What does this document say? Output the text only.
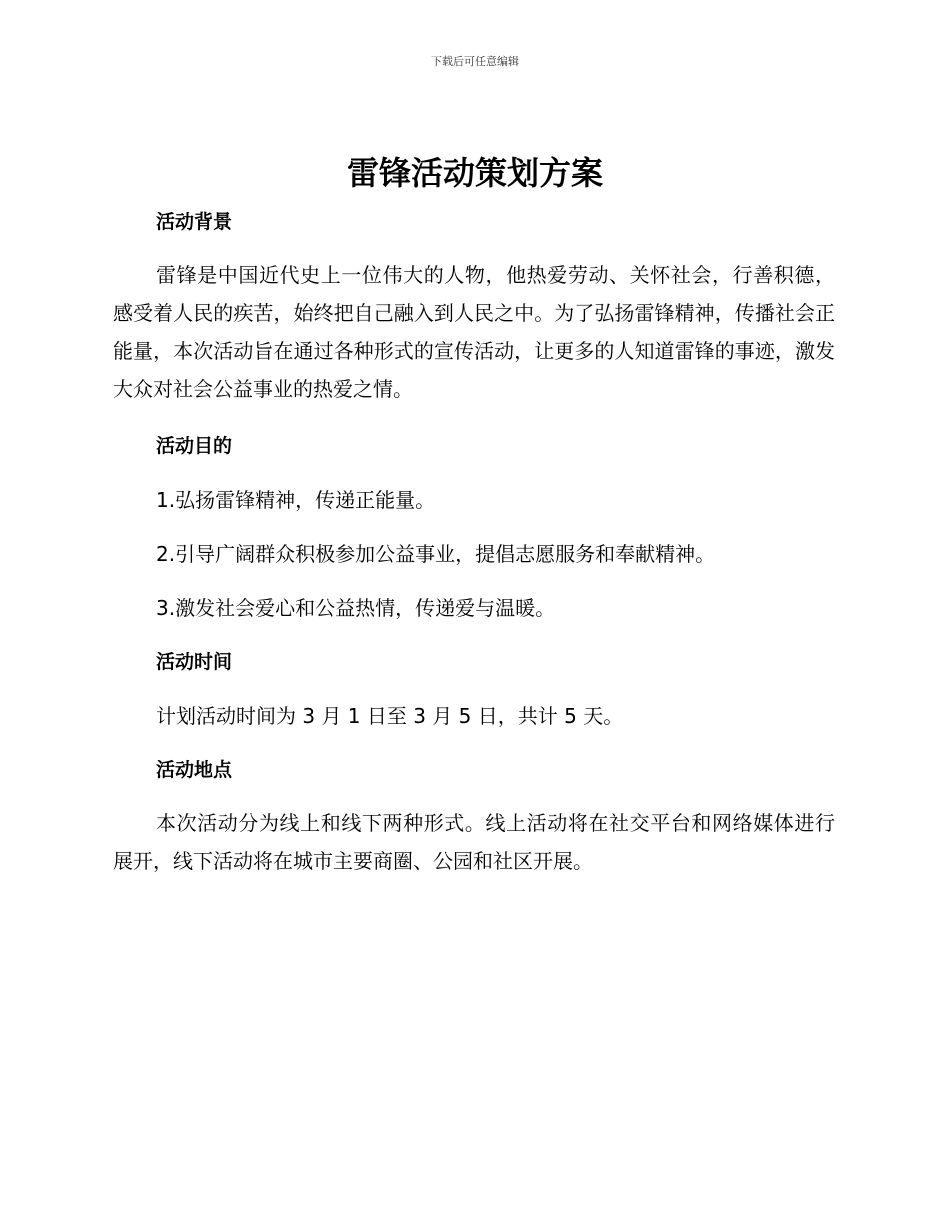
下载后可任意编辑
雷锋活动策划方案

活动背景

雷锋是中国近代史上一位伟大的人物，他热爱劳动、关怀社会，行善积德，感受着人民的疾苦，始终把自己融入到人民之中。为了弘扬雷锋精神，传播社会正能量，本次活动旨在通过各种形式的宣传活动，让更多的人知道雷锋的事迹，激发大众对社会公益事业的热爱之情。

活动目的

1.弘扬雷锋精神，传递正能量。

2.引导广阔群众积极参加公益事业，提倡志愿服务和奉献精神。

3.激发社会爱心和公益热情，传递爱与温暖。

活动时间

计划活动时间为 3 月 1 日至 3 月 5 日，共计 5 天。

活动地点

本次活动分为线上和线下两种形式。线上活动将在社交平台和网络媒体进行展开，线下活动将在城市主要商圈、公园和社区开展。
